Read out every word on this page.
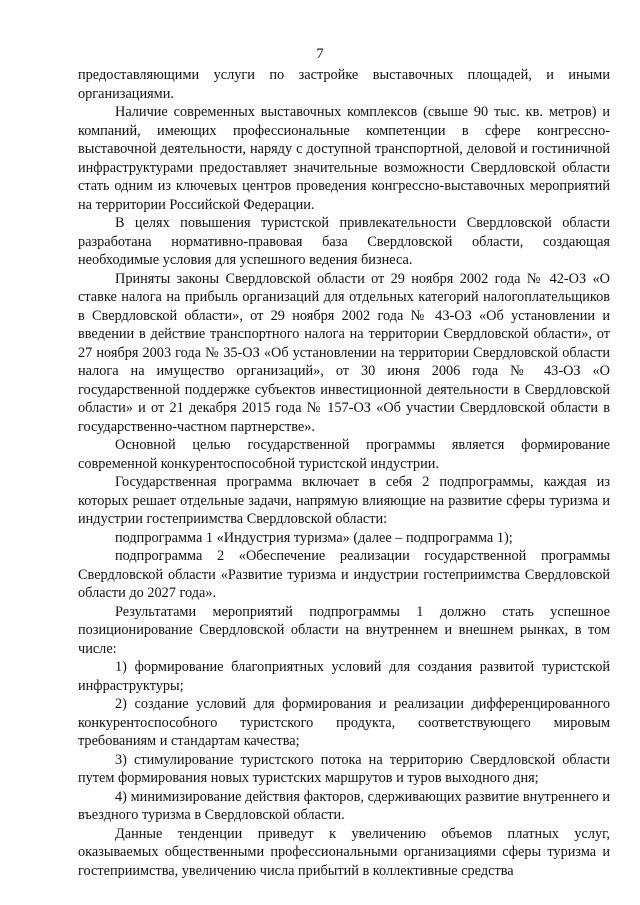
7

предоставляющими услуги по застройке выставочных площадей, и иными организациями.

Наличие современных выставочных комплексов (свыше 90 тыс. кв. метров) и компаний, имеющих профессиональные компетенции в сфере конгрессно-выставочной деятельности, наряду с доступной транспортной, деловой и гостиничной инфраструктурами предоставляет значительные возможности Свердловской области стать одним из ключевых центров проведения конгрессно-выставочных мероприятий на территории Российской Федерации.

В целях повышения туристской привлекательности Свердловской области разработана нормативно-правовая база Свердловской области, создающая необходимые условия для успешного ведения бизнеса.

Приняты законы Свердловской области от 29 ноября 2002 года № 42-ОЗ «О ставке налога на прибыль организаций для отдельных категорий налогоплательщиков в Свердловской области», от 29 ноября 2002 года № 43-ОЗ «Об установлении и введении в действие транспортного налога на территории Свердловской области», от 27 ноября 2003 года № 35-ОЗ «Об установлении на территории Свердловской области налога на имущество организаций», от 30 июня 2006 года № 43-ОЗ «О государственной поддержке субъектов инвестиционной деятельности в Свердловской области» и от 21 декабря 2015 года № 157-ОЗ «Об участии Свердловской области в государственно-частном партнерстве».

Основной целью государственной программы является формирование современной конкурентоспособной туристской индустрии.

Государственная программа включает в себя 2 подпрограммы, каждая из которых решает отдельные задачи, напрямую влияющие на развитие сферы туризма и индустрии гостеприимства Свердловской области:

подпрограмма 1 «Индустрия туризма» (далее – подпрограмма 1);

подпрограмма 2 «Обеспечение реализации государственной программы Свердловской области «Развитие туризма и индустрии гостеприимства Свердловской области до 2027 года».

Результатами мероприятий подпрограммы 1 должно стать успешное позиционирование Свердловской области на внутреннем и внешнем рынках, в том числе:

1) формирование благоприятных условий для создания развитой туристской инфраструктуры;

2) создание условий для формирования и реализации дифференцированного конкурентоспособного туристского продукта, соответствующего мировым требованиям и стандартам качества;

3) стимулирование туристского потока на территорию Свердловской области путем формирования новых туристских маршрутов и туров выходного дня;

4) минимизирование действия факторов, сдерживающих развитие внутреннего и въездного туризма в Свердловской области.

Данные тенденции приведут к увеличению объемов платных услуг, оказываемых общественными профессиональными организациями сферы туризма и гостеприимства, увеличению числа прибытий в коллективные средства
